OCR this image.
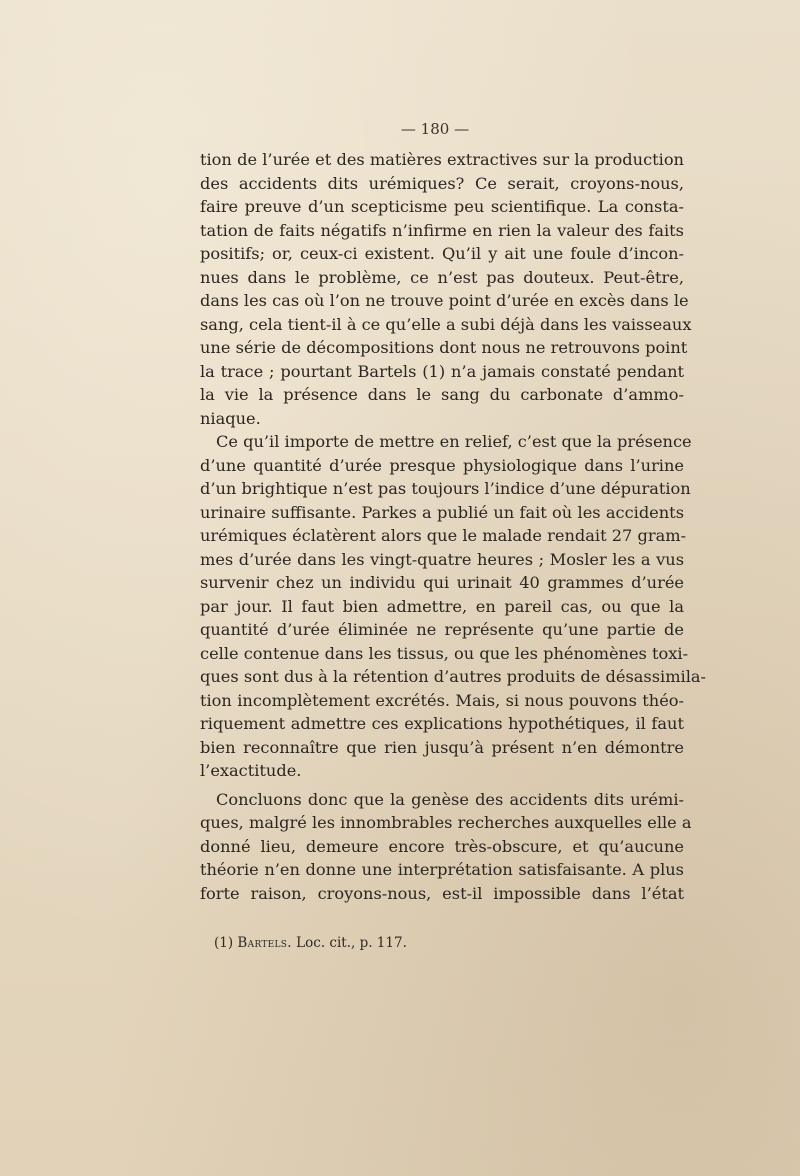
— 180 —
tion de l’urée et des matières extractives sur la production
des accidents dits urémiques? Ce serait, croyons-nous,
faire preuve d’un scepticisme peu scientifique. La consta-
tation de faits négatifs n’infirme en rien la valeur des faits
positifs; or, ceux-ci existent. Qu’il y ait une foule d’incon-
nues dans le problème, ce n’est pas douteux. Peut-être,
dans les cas où l’on ne trouve point d’urée en excès dans le
sang, cela tient-il à ce qu’elle a subi déjà dans les vaisseaux
une série de décompositions dont nous ne retrouvons point
la trace ; pourtant Bartels (1) n’a jamais constaté pendant
la vie la présence dans le sang du carbonate d’ammo-
niaque.
Ce qu’il importe de mettre en relief, c’est que la présence
d’une quantité d’urée presque physiologique dans l’urine
d’un brightique n’est pas toujours l’indice d’une dépuration
urinaire suffisante. Parkes a publié un fait où les accidents
urémiques éclatèrent alors que le malade rendait 27 gram-
mes d’urée dans les vingt-quatre heures ; Mosler les a vus
survenir chez un individu qui urinait 40 grammes d’urée
par jour. Il faut bien admettre, en pareil cas, ou que la
quantité d’urée éliminée ne représente qu’une partie de
celle contenue dans les tissus, ou que les phénomènes toxi-
ques sont dus à la rétention d’autres produits de désassimila-
tion incomplètement excrétés. Mais, si nous pouvons théo-
riquement admettre ces explications hypothétiques, il faut
bien reconnaître que rien jusqu’à présent n’en démontre
l’exactitude.
Concluons donc que la genèse des accidents dits urémi-
ques, malgré les innombrables recherches auxquelles elle a
donné lieu, demeure encore très-obscure, et qu’aucune
théorie n’en donne une interprétation satisfaisante. A plus
forte raison, croyons-nous, est-il impossible dans l’état
(1) Bartels. Loc. cit., p. 117.
